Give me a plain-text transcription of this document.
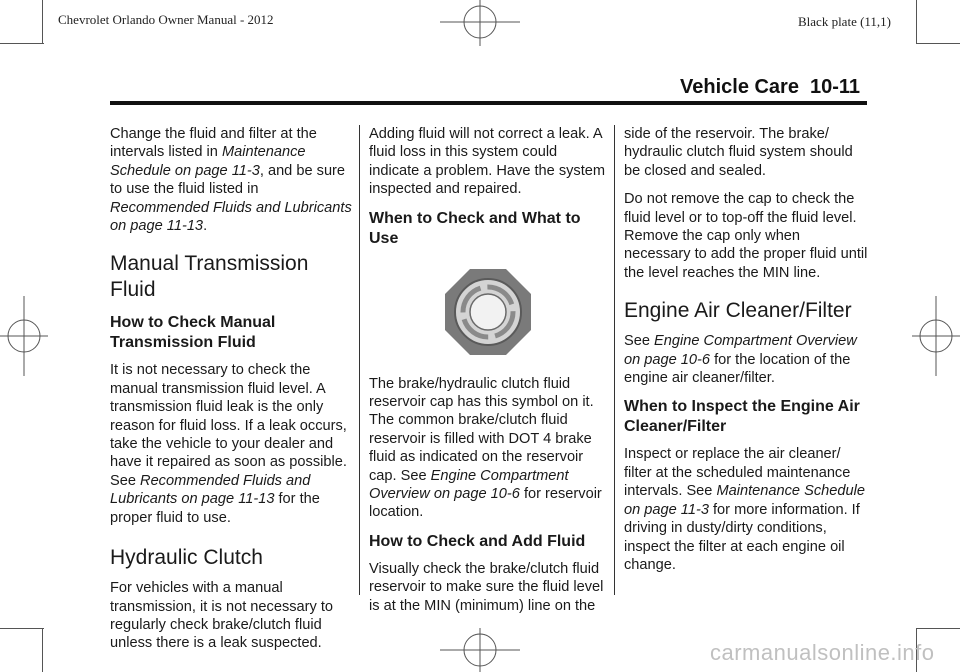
Chevrolet Orlando Owner Manual - 2012	Black plate (11,1)
Vehicle Care 10-11

Change the fluid and filter at the intervals listed in Maintenance Schedule on page 11-3, and be sure to use the fluid listed in Recommended Fluids and Lubricants on page 11-13.

Manual Transmission Fluid
How to Check Manual Transmission Fluid

It is not necessary to check the manual transmission fluid level. A transmission fluid leak is the only reason for fluid loss. If a leak occurs, take the vehicle to your dealer and have it repaired as soon as possible. See Recommended Fluids and Lubricants on page 11-13 for the proper fluid to use.

Hydraulic Clutch

For vehicles with a manual transmission, it is not necessary to regularly check brake/clutch fluid unless there is a leak suspected.

Adding fluid will not correct a leak. A fluid loss in this system could indicate a problem. Have the system inspected and repaired.

When to Check and What to Use

The brake/hydraulic clutch fluid reservoir cap has this symbol on it. The common brake/clutch fluid reservoir is filled with DOT 4 brake fluid as indicated on the reservoir cap. See Engine Compartment Overview on page 10-6 for reservoir location.

How to Check and Add Fluid

Visually check the brake/clutch fluid reservoir to make sure the fluid level is at the MIN (minimum) line on the

side of the reservoir. The brake/ hydraulic clutch fluid system should be closed and sealed.

Do not remove the cap to check the fluid level or to top-off the fluid level. Remove the cap only when necessary to add the proper fluid until the level reaches the MIN line.

Engine Air Cleaner/Filter

See Engine Compartment Overview on page 10-6 for the location of the engine air cleaner/filter.

When to Inspect the Engine Air Cleaner/Filter

Inspect or replace the air cleaner/ filter at the scheduled maintenance intervals. See Maintenance Schedule on page 11-3 for more information. If driving in dusty/dirty conditions, inspect the filter at each engine oil change.

carmanualsonline.info
